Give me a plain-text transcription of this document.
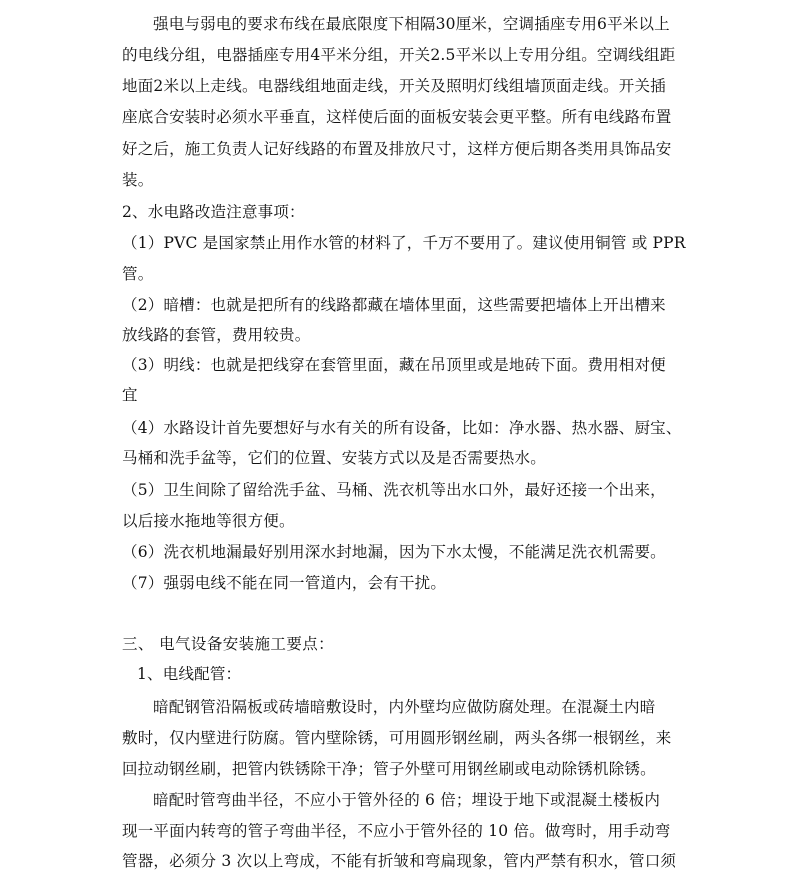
强电与弱电的要求布线在最底限度下相隔30厘米，空调插座专用6平米以上
的电线分组，电器插座专用4平米分组，开关2.5平米以上专用分组。空调线组距
地面2米以上走线。电器线组地面走线，开关及照明灯线组墙顶面走线。开关插
座底合安装时必须水平垂直，这样使后面的面板安装会更平整。所有电线路布置
好之后，施工负责人记好线路的布置及排放尺寸，这样方便后期各类用具饰品安
装。
2、水电路改造注意事项：
（1）PVC 是国家禁止用作水管的材料了，千万不要用了。建议使用铜管 或 PPR
管。
（2）暗槽：也就是把所有的线路都藏在墙体里面，这些需要把墙体上开出槽来
放线路的套管，费用较贵。
（3）明线：也就是把线穿在套管里面，藏在吊顶里或是地砖下面。费用相对便
宜
（4）水路设计首先要想好与水有关的所有设备，比如：净水器、热水器、厨宝、
马桶和洗手盆等，它们的位置、安装方式以及是否需要热水。
（5）卫生间除了留给洗手盆、马桶、洗衣机等出水口外，最好还接一个出来，
以后接水拖地等很方便。
（6）洗衣机地漏最好别用深水封地漏，因为下水太慢，不能满足洗衣机需要。
（7）强弱电线不能在同一管道内，会有干扰。
三、 电气设备安装施工要点：
1、电线配管：
暗配钢管沿隔板或砖墙暗敷设时，内外壁均应做防腐处理。在混凝土内暗
敷时，仅内壁进行防腐。管内壁除锈，可用圆形钢丝刷，两头各绑一根钢丝，来
回拉动钢丝刷，把管内铁锈除干净；管子外壁可用钢丝刷或电动除锈机除锈。
暗配时管弯曲半径，不应小于管外径的 6 倍；埋设于地下或混凝土楼板内
现一平面内转弯的管子弯曲半径，不应小于管外径的 10 倍。做弯时，用手动弯
管器，必须分 3 次以上弯成，不能有折皱和弯扁现象，管内严禁有积水，管口须
